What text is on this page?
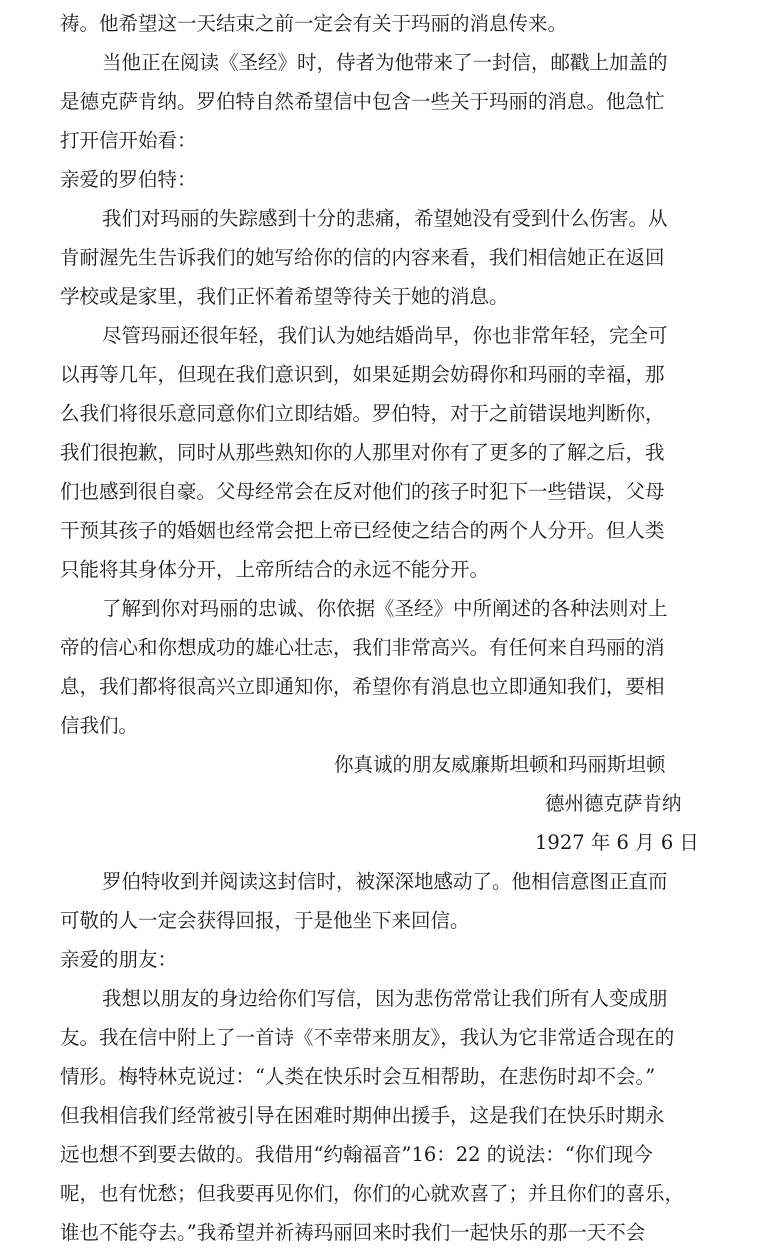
祷。他希望这一天结束之前一定会有关于玛丽的消息传来。
当他正在阅读《圣经》时，侍者为他带来了一封信，邮戳上加盖的
是德克萨肯纳。罗伯特自然希望信中包含一些关于玛丽的消息。他急忙
打开信开始看：
亲爱的罗伯特：
我们对玛丽的失踪感到十分的悲痛，希望她没有受到什么伤害。从
肯耐渥先生告诉我们的她写给你的信的内容来看，我们相信她正在返回
学校或是家里，我们正怀着希望等待关于她的消息。
尽管玛丽还很年轻，我们认为她结婚尚早，你也非常年轻，完全可
以再等几年，但现在我们意识到，如果延期会妨碍你和玛丽的幸福，那
么我们将很乐意同意你们立即结婚。罗伯特，对于之前错误地判断你，
我们很抱歉，同时从那些熟知你的人那里对你有了更多的了解之后，我
们也感到很自豪。父母经常会在反对他们的孩子时犯下一些错误，父母
干预其孩子的婚姻也经常会把上帝已经使之结合的两个人分开。但人类
只能将其身体分开，上帝所结合的永远不能分开。
了解到你对玛丽的忠诚、你依据《圣经》中所阐述的各种法则对上
帝的信心和你想成功的雄心壮志，我们非常高兴。有任何来自玛丽的消
息，我们都将很高兴立即通知你，希望你有消息也立即通知我们，要相
信我们。
你真诚的朋友威廉斯坦顿和玛丽斯坦顿
德州德克萨肯纳
1927 年 6 月 6 日
罗伯特收到并阅读这封信时，被深深地感动了。他相信意图正直而
可敬的人一定会获得回报，于是他坐下来回信。
亲爱的朋友：
我想以朋友的身边给你们写信，因为悲伤常常让我们所有人变成朋
友。我在信中附上了一首诗《不幸带来朋友》，我认为它非常适合现在的
情形。梅特林克说过：“人类在快乐时会互相帮助，在悲伤时却不会。”
但我相信我们经常被引导在困难时期伸出援手，这是我们在快乐时期永
远也想不到要去做的。我借用“约翰福音”16：22 的说法：“你们现今
呢，也有忧愁；但我要再见你们，你们的心就欢喜了；并且你们的喜乐，
谁也不能夺去。”我希望并祈祷玛丽回来时我们一起快乐的那一天不会
